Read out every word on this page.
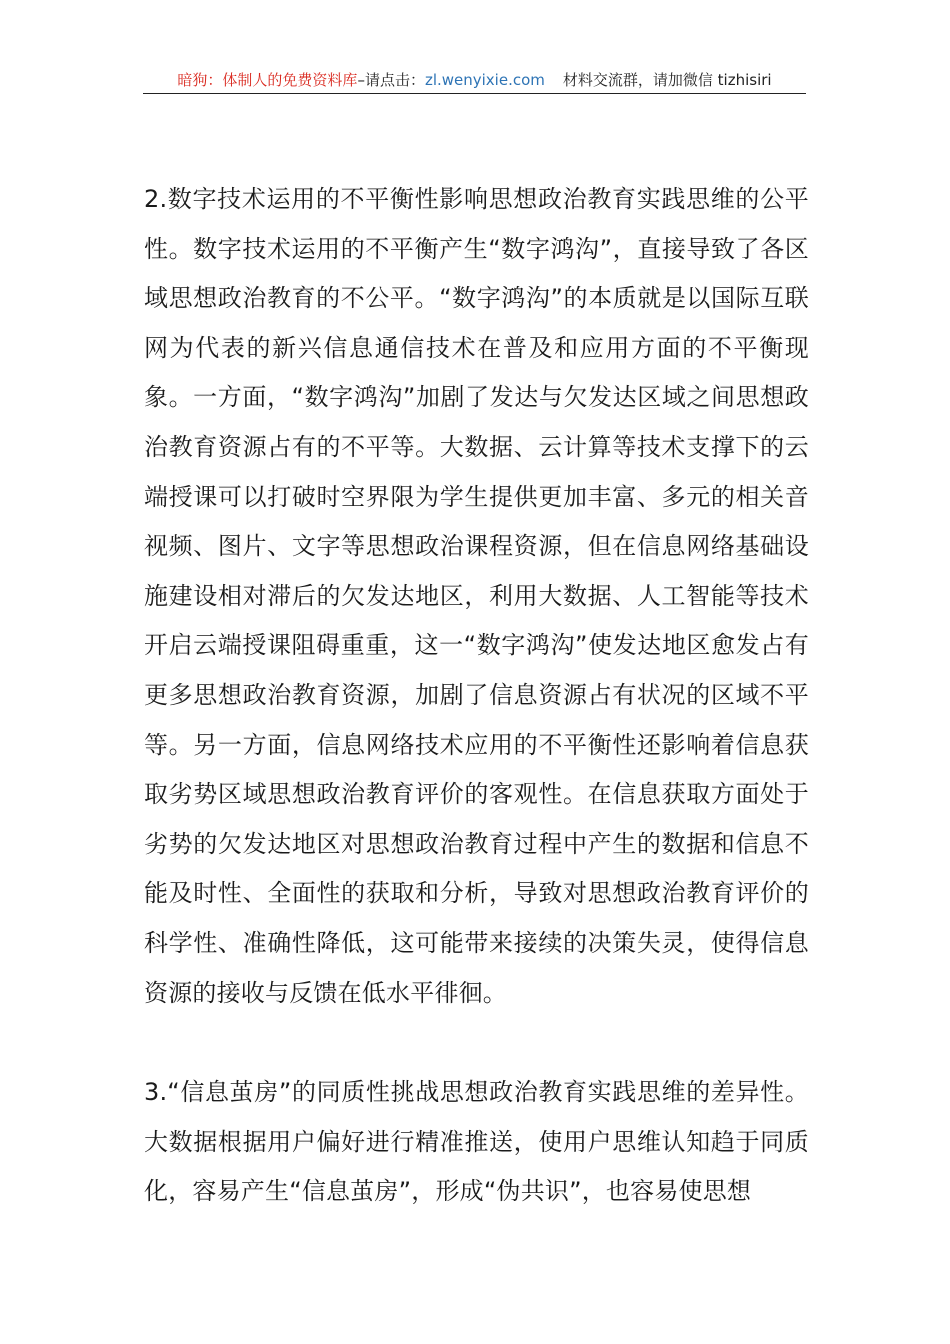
暗狗：体制人的免费资料库 –请点击： zl.wenyixie.com 材料交流群，请加微信 tizhisiri

2.数字技术运用的不平衡性影响思想政治教育实践思维的公平性。数字技术运用的不平衡产生“数字鸿沟”，直接导致了各区域思想政治教育的不公平。“数字鸿沟”的本质就是以国际互联网为代表的新兴信息通信技术在普及和应用方面的不平衡现象。一方面，“数字鸿沟”加剧了发达与欠发达区域之间思想政治教育资源占有的不平等。大数据、云计算等技术支撑下的云端授课可以打破时空界限为学生提供更加丰富、多元的相关音视频、图片、文字等思想政治课程资源，但在信息网络基础设施建设相对滞后的欠发达地区，利用大数据、人工智能等技术开启云端授课阻碍重重，这一“数字鸿沟”使发达地区愈发占有更多思想政治教育资源，加剧了信息资源占有状况的区域不平等。另一方面，信息网络技术应用的不平衡性还影响着信息获取劣势区域思想政治教育评价的客观性。在信息获取方面处于劣势的欠发达地区对思想政治教育过程中产生的数据和信息不能及时性、全面性的获取和分析，导致对思想政治教育评价的科学性、准确性降低，这可能带来接续的决策失灵，使得信息资源的接收与反馈在低水平徘徊。

3.“信息茧房”的同质性挑战思想政治教育实践思维的差异性。大数据根据用户偏好进行精准推送，使用户思维认知趋于同质化，容易产生“信息茧房”，形成“伪共识”，也容易使思想
